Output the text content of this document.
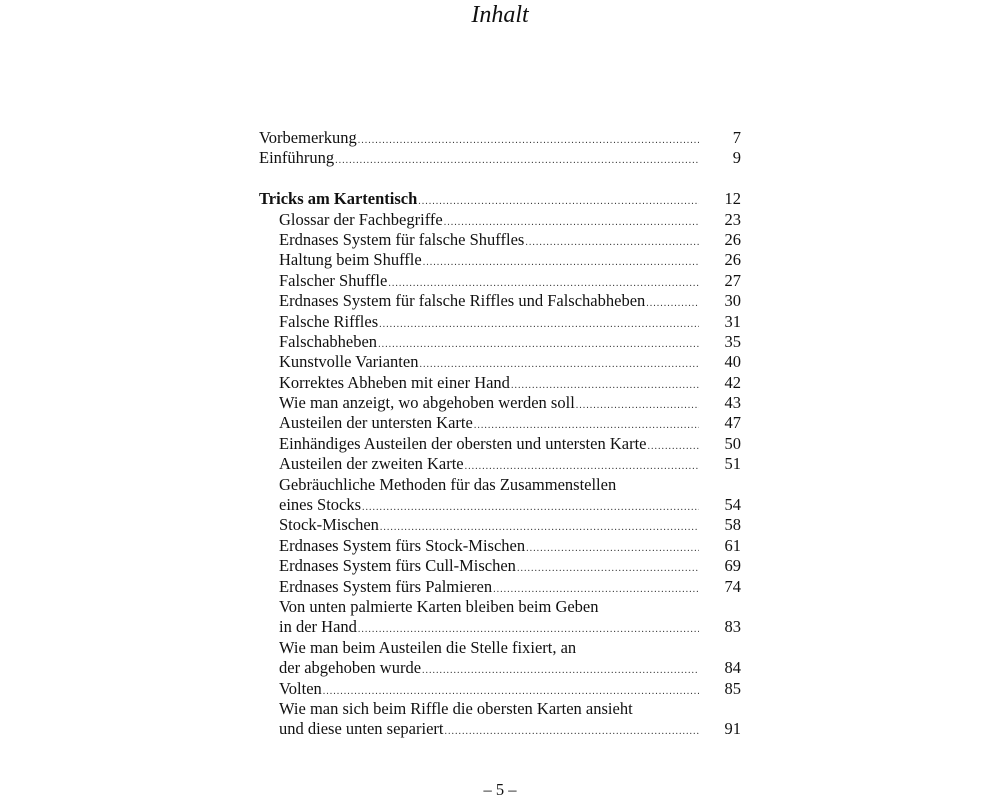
Inhalt
Vorbemerkung .....	7
Einführung .....	9
Tricks am Kartentisch .....	12
Glossar der Fachbegriffe .....	23
Erdnases System für falsche Shuffles .....	26
Haltung beim Shuffle .....	26
Falscher Shuffle .....	27
Erdnases System für falsche Riffles und Falschabheben .....	30
Falsche Riffles .....	31
Falschabheben .....	35
Kunstvolle Varianten .....	40
Korrektes Abheben mit einer Hand .....	42
Wie man anzeigt, wo abgehoben werden soll .....	43
Austeilen der untersten Karte .....	47
Einhändiges Austeilen der obersten und untersten Karte .....	50
Austeilen der zweiten Karte .....	51
Gebräuchliche Methoden für das Zusammenstellen
eines Stocks .....	54
Stock-Mischen .....	58
Erdnases System fürs Stock-Mischen .....	61
Erdnases System fürs Cull-Mischen .....	69
Erdnases System fürs Palmieren .....	74
Von unten palmierte Karten bleiben beim Geben
in der Hand .....	83
Wie man beim Austeilen die Stelle fixiert, an
der abgehoben wurde .....	84
Volten .....	85
Wie man sich beim Riffle die obersten Karten ansieht
und diese unten separiert .....	91
– 5 –
